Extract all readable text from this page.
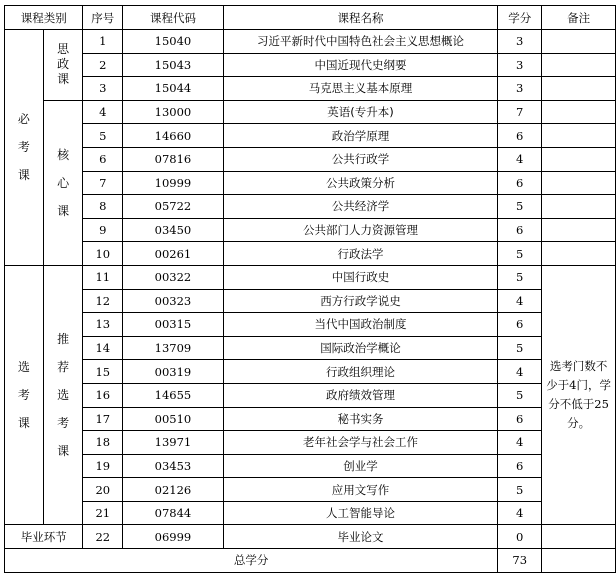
课程类别		序号	课程代码	课程名称	学分	备注

必考课	思政课	1	15040	习近平新时代中国特色社会主义思想概论	3	
		2	15043	中国近现代史纲要	3	
		3	15044	马克思主义基本原理	3	

	核心课	4	13000	英语(专升本)	7	
		5	14660	政治学原理	6	
		6	07816	公共行政学	4	
		7	10999	公共政策分析	6	
		8	05722	公共经济学	5	
		9	03450	公共部门人力资源管理	6	
		10	00261	行政法学	5	

选考课	推荐选考课	11	00322	中国行政史	5	选考门数不少于4门，学分不低于25分。
		12	00323	西方行政学说史	4	
		13	00315	当代中国政治制度	6	
		14	13709	国际政治学概论	5	
		15	00319	行政组织理论	4	
		16	14655	政府绩效管理	5	
		17	00510	秘书实务	6	
		18	13971	老年社会学与社会工作	4	
		19	03453	创业学	6	
		20	02126	应用文写作	5	
		21	07844	人工智能导论	4	
毕业环节		22	06999	毕业论文	0	
总学分					73	
